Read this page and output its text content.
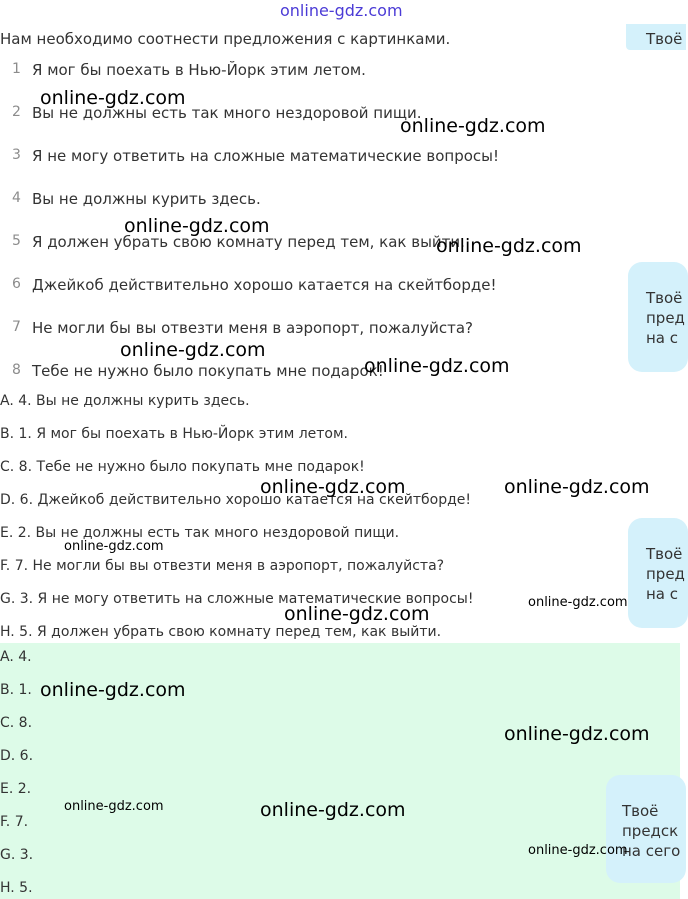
online-gdz.com
Нам необходимо соотнести предложения с картинками.	Твоё
Твоё
пред
на с
Твоё
пред
на с
1 Я мог бы поехать в Нью-Йорк этим летом.
2 Вы не должны есть так много нездоровой пищи.
3 Я не могу ответить на сложные математические вопросы!
4 Вы не должны курить здесь.
5 Я должен убрать свою комнату перед тем, как выйти.
6 Джейкоб действительно хорошо катается на скейтборде!
7 Не могли бы вы отвезти меня в аэропорт, пожалуйста?
8 Тебе не нужно было покупать мне подарок!
A. 4. Вы не должны курить здесь.
B. 1. Я мог бы поехать в Нью-Йорк этим летом.
C. 8. Тебе не нужно было покупать мне подарок!
D. 6. Джейкоб действительно хорошо катается на скейтборде!
E. 2. Вы не должны есть так много нездоровой пищи.
F. 7. Не могли бы вы отвезти меня в аэропорт, пожалуйста?
G. 3. Я не могу ответить на сложные математические вопросы!
H. 5. Я должен убрать свою комнату перед тем, как выйти.
A. 4.
B. 1.
C. 8.
D. 6.
E. 2.
F. 7.
G. 3.
H. 5.
Твоё
предск
на сего
online-gdz.com
online-gdz.com
online-gdz.com
online-gdz.com
online-gdz.com
online-gdz.com
online-gdz.com	online-gdz.com
online-gdz.com
online-gdz.com
online-gdz.com
online-gdz.com
online-gdz.com
online-gdz.com	online-gdz.com
online-gdz.com
